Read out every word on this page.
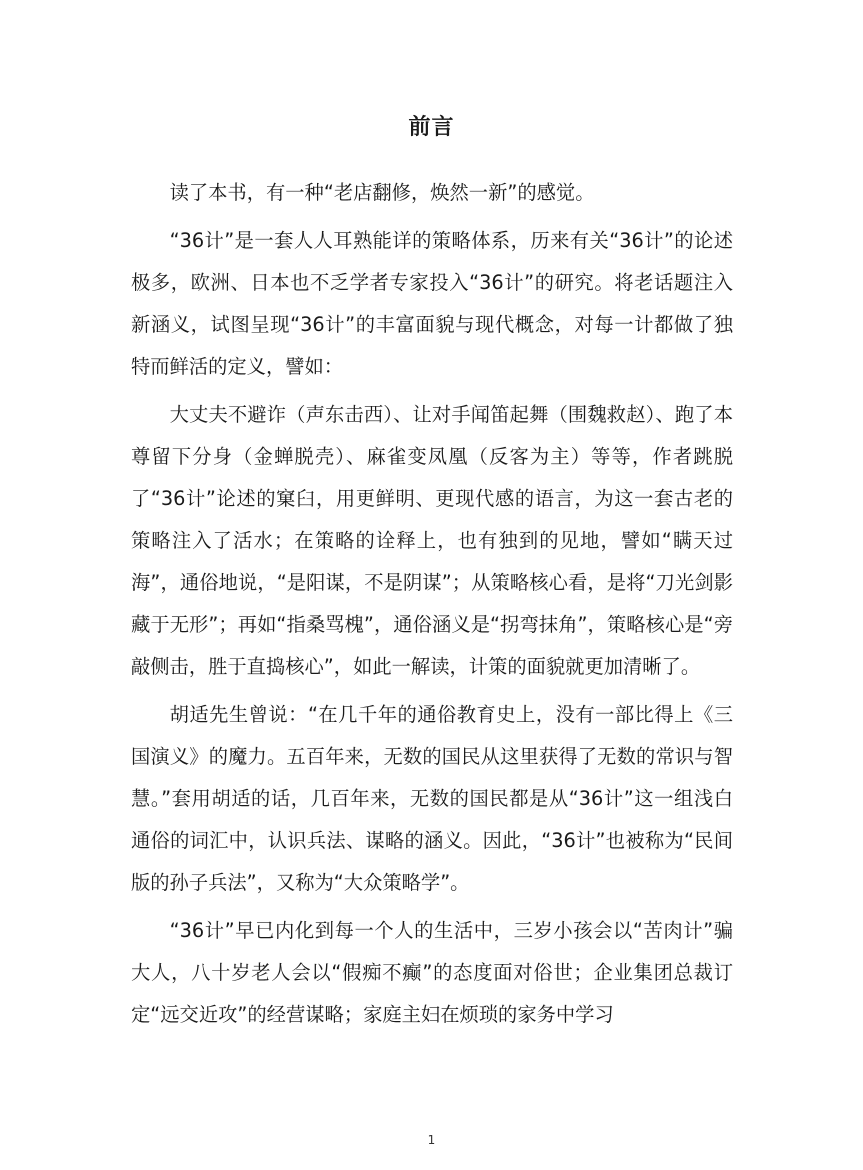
前言

读了本书，有一种“老店翻修，焕然一新”的感觉。

“36计”是一套人人耳熟能详的策略体系，历来有关“36计”的论述极多，欧洲、日本也不乏学者专家投入“36计”的研究。将老话题注入新涵义，试图呈现“36计”的丰富面貌与现代概念，对每一计都做了独特而鲜活的定义，譬如：

大丈夫不避诈（声东击西）、让对手闻笛起舞（围魏救赵）、跑了本尊留下分身（金蝉脱壳）、麻雀变凤凰（反客为主）等等，作者跳脱了“36计”论述的窠臼，用更鲜明、更现代感的语言，为这一套古老的策略注入了活水；在策略的诠释上，也有独到的见地，譬如“瞒天过海”，通俗地说，“是阳谋，不是阴谋”；从策略核心看，是将“刀光剑影藏于无形”；再如“指桑骂槐”，通俗涵义是“拐弯抹角”，策略核心是“旁敲侧击，胜于直捣核心”，如此一解读，计策的面貌就更加清晰了。

胡适先生曾说：“在几千年的通俗教育史上，没有一部比得上《三国演义》的魔力。五百年来，无数的国民从这里获得了无数的常识与智慧。”套用胡适的话，几百年来，无数的国民都是从“36计”这一组浅白通俗的词汇中，认识兵法、谋略的涵义。因此，“36计”也被称为“民间版的孙子兵法”，又称为“大众策略学”。

“36计”早已内化到每一个人的生活中，三岁小孩会以“苦肉计”骗大人，八十岁老人会以“假痴不癫”的态度面对俗世；企业集团总裁订定“远交近攻”的经营谋略；家庭主妇在烦琐的家务中学习

1
